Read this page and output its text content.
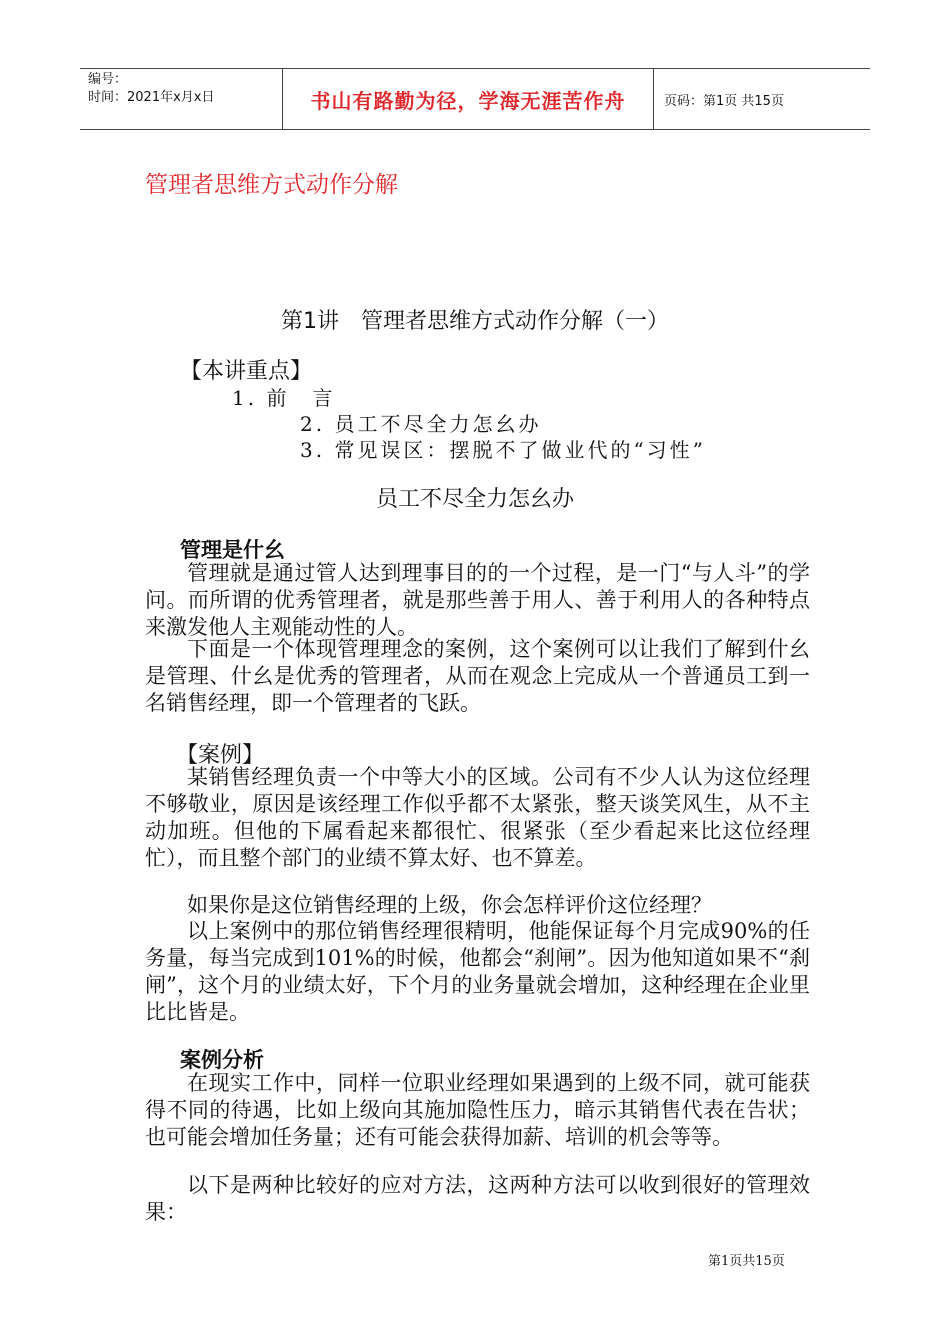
编号：
时间：2021年x月x日	书山有路勤为径，学海无涯苦作舟	页码：第1页 共15页
管理者思维方式动作分解
第1讲　管理者思维方式动作分解（一）
【本讲重点】
1. 前　言
2. 员工不尽全力怎幺办
3. 常见误区：摆脱不了做业代的“习性”
员工不尽全力怎幺办
管理是什幺

管理就是通过管人达到理事目的的一个过程，是一门“与人斗”的学问。而所谓的优秀管理者，就是那些善于用人、善于利用人的各种特点来激发他人主观能动性的人。

下面是一个体现管理理念的案例，这个案例可以让我们了解到什幺是管理、什幺是优秀的管理者，从而在观念上完成从一个普通员工到一名销售经理，即一个管理者的飞跃。

【案例】

某销售经理负责一个中等大小的区域。公司有不少人认为这位经理不够敬业，原因是该经理工作似乎都不太紧张，整天谈笑风生，从不主动加班。但他的下属看起来都很忙、很紧张（至少看起来比这位经理忙），而且整个部门的业绩不算太好、也不算差。

如果你是这位销售经理的上级，你会怎样评价这位经理？

以上案例中的那位销售经理很精明，他能保证每个月完成90%的任务量，每当完成到101%的时候，他都会“刹闸”。因为他知道如果不“刹闸”，这个月的业绩太好，下个月的业务量就会增加，这种经理在企业里比比皆是。

案例分析

在现实工作中，同样一位职业经理如果遇到的上级不同，就可能获得不同的待遇，比如上级向其施加隐性压力，暗示其销售代表在告状；也可能会增加任务量；还有可能会获得加薪、培训的机会等等。

以下是两种比较好的应对方法，这两种方法可以收到很好的管理效果：

第1页共15页
